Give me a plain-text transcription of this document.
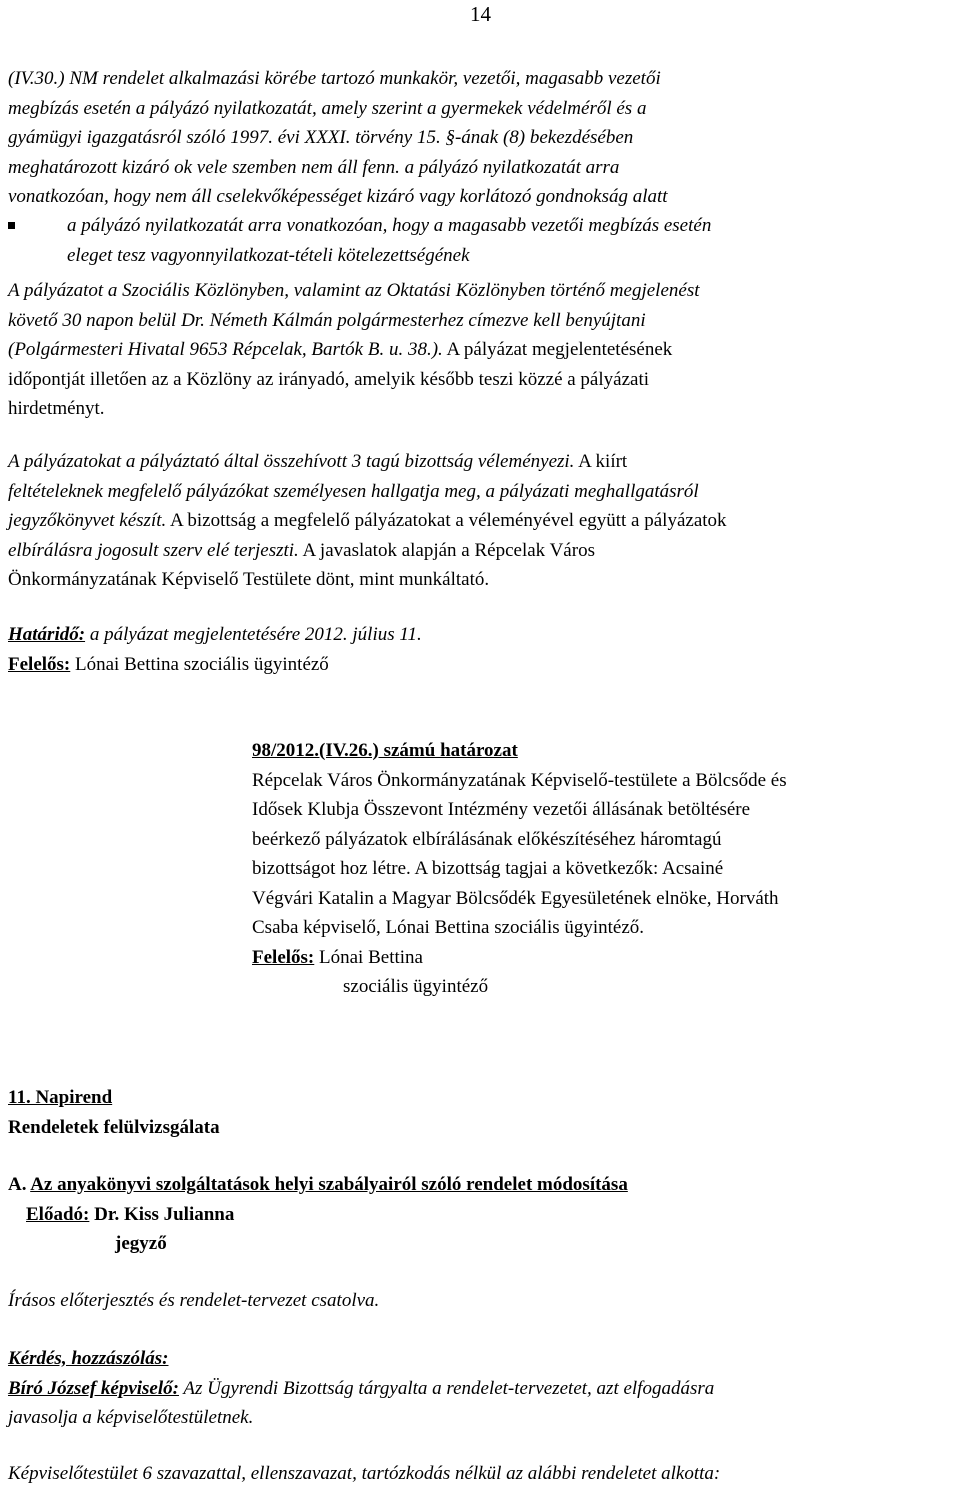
14
(IV.30.) NM rendelet alkalmazási körébe tartozó munkakör, vezetői, magasabb vezetői
megbízás esetén a pályázó nyilatkozatát, amely szerint a gyermekek védelméről és a
gyámügyi igazgatásról szóló 1997. évi XXXI. törvény 15. §-ának (8) bekezdésében
meghatározott kizáró ok vele szemben nem áll fenn. a pályázó nyilatkozatát arra
vonatkozóan, hogy nem áll cselekvőképességet kizáró vagy korlátozó gondnokság alatt
a pályázó nyilatkozatát arra vonatkozóan, hogy a magasabb vezetői megbízás esetén
eleget tesz vagyonnyilatkozat-tételi kötelezettségének
A pályázatot a Szociális Közlönyben, valamint az Oktatási Közlönyben történő megjelenést
követő 30 napon belül Dr. Németh Kálmán polgármesterhez címezve kell benyújtani
(Polgármesteri Hivatal 9653 Répcelak, Bartók B. u. 38.). A pályázat megjelentetésének
időpontját illetően az a Közlöny az irányadó, amelyik később teszi közzé a pályázati
hirdetményt.
A pályázatokat a pályáztató által összehívott 3 tagú bizottság véleményezi. A kiírt
feltételeknek megfelelő pályázókat személyesen hallgatja meg, a pályázati meghallgatásról
jegyzőkönyvet készít. A bizottság a megfelelő pályázatokat a véleményével együtt a pályázatok
elbírálásra jogosult szerv elé terjeszti. A javaslatok alapján a Répcelak Város
Önkormányzatának Képviselő Testülete dönt, mint munkáltató.
Határidő: a pályázat megjelentetésére 2012. július 11.
Felelős: Lónai Bettina szociális ügyintéző
98/2012.(IV.26.) számú határozat
Répcelak Város Önkormányzatának Képviselő-testülete a Bölcsőde és
Idősek Klubja Összevont Intézmény vezetői állásának betöltésére
beérkező pályázatok elbírálásának előkészítéséhez háromtagú
bizottságot hoz létre. A bizottság tagjai a következők: Acsainé
Végvári Katalin a Magyar Bölcsődék Egyesületének elnöke, Horváth
Csaba képviselő, Lónai Bettina szociális ügyintéző.
Felelős: Lónai Bettina
szociális ügyintéző
11. Napirend
Rendeletek felülvizsgálata
A. Az anyakönyvi szolgáltatások helyi szabályairól szóló rendelet módosítása
Előadó: Dr. Kiss Julianna
jegyző
Írásos előterjesztés és rendelet-tervezet csatolva.
Kérdés, hozzászólás:
Bíró József képviselő: Az Ügyrendi Bizottság tárgyalta a rendelet-tervezetet, azt elfogadásra
javasolja a képviselőtestületnek.
Képviselőtestület 6 szavazattal, ellenszavazat, tartózkodás nélkül az alábbi rendeletet alkotta:
